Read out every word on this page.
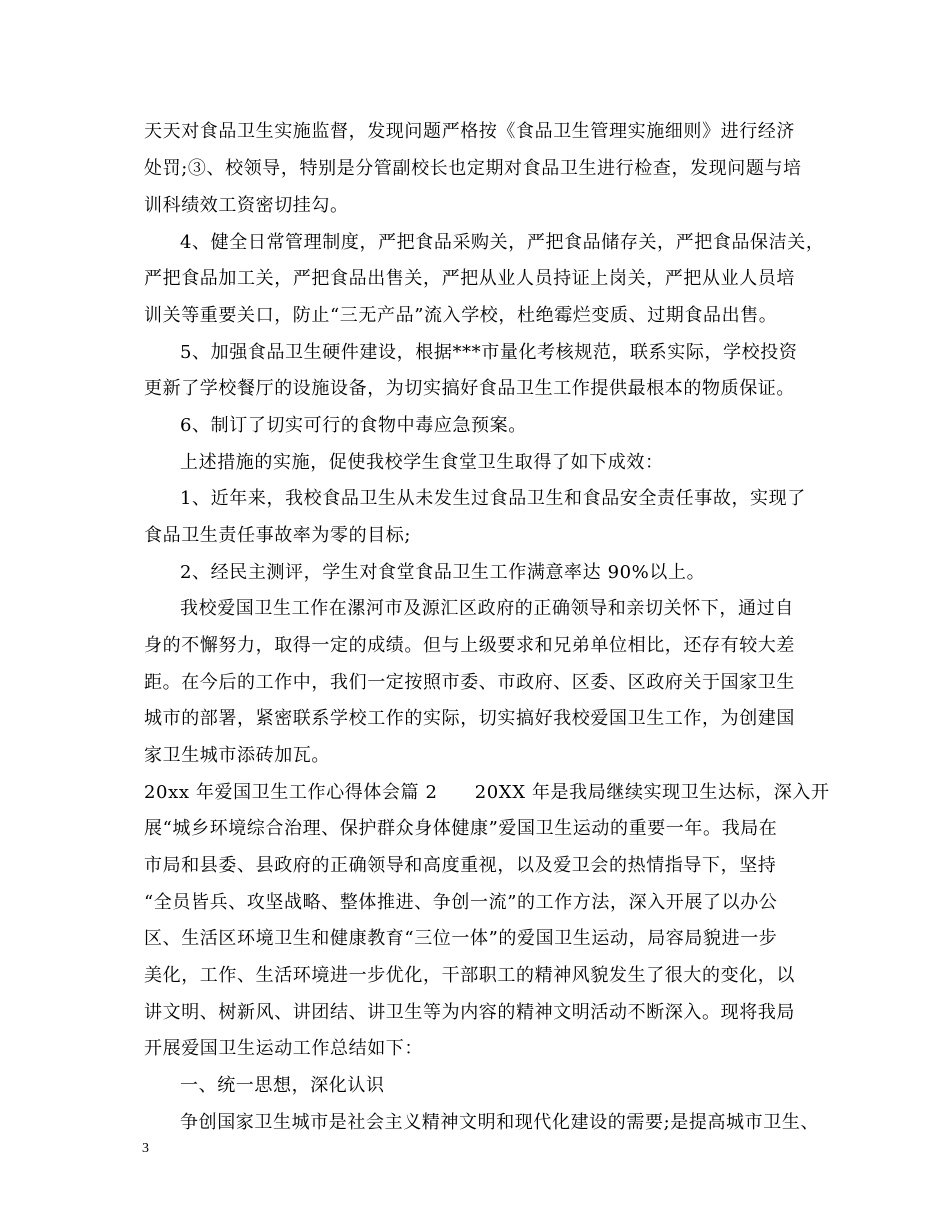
天天对食品卫生实施监督，发现问题严格按《食品卫生管理实施细则》进行经济
处罚;③、校领导，特别是分管副校长也定期对食品卫生进行检查，发现问题与培
训科绩效工资密切挂勾。
4、健全日常管理制度，严把食品采购关，严把食品储存关，严把食品保洁关，
严把食品加工关，严把食品出售关，严把从业人员持证上岗关，严把从业人员培
训关等重要关口，防止“三无产品”流入学校，杜绝霉烂变质、过期食品出售。
5、加强食品卫生硬件建设，根据***市量化考核规范，联系实际，学校投资
更新了学校餐厅的设施设备，为切实搞好食品卫生工作提供最根本的物质保证。
6、制订了切实可行的食物中毒应急预案。
上述措施的实施，促使我校学生食堂卫生取得了如下成效：
1、近年来，我校食品卫生从未发生过食品卫生和食品安全责任事故，实现了
食品卫生责任事故率为零的目标;
2、经民主测评，学生对食堂食品卫生工作满意率达 90%以上。
我校爱国卫生工作在漯河市及源汇区政府的正确领导和亲切关怀下，通过自
身的不懈努力，取得一定的成绩。但与上级要求和兄弟单位相比，还存有较大差
距。在今后的工作中，我们一定按照市委、市政府、区委、区政府关于国家卫生
城市的部署，紧密联系学校工作的实际，切实搞好我校爱国卫生工作，为创建国
家卫生城市添砖加瓦。
20xx 年爱国卫生工作心得体会篇 2　　20XX 年是我局继续实现卫生达标，深入开
展“城乡环境综合治理、保护群众身体健康”爱国卫生运动的重要一年。我局在
市局和县委、县政府的正确领导和高度重视，以及爱卫会的热情指导下，坚持
“全员皆兵、攻坚战略、整体推进、争创一流”的工作方法，深入开展了以办公
区、生活区环境卫生和健康教育“三位一体”的爱国卫生运动，局容局貌进一步
美化，工作、生活环境进一步优化，干部职工的精神风貌发生了很大的变化，以
讲文明、树新风、讲团结、讲卫生等为内容的精神文明活动不断深入。现将我局
开展爱国卫生运动工作总结如下：
一、统一思想，深化认识
争创国家卫生城市是社会主义精神文明和现代化建设的需要;是提高城市卫生、
3
